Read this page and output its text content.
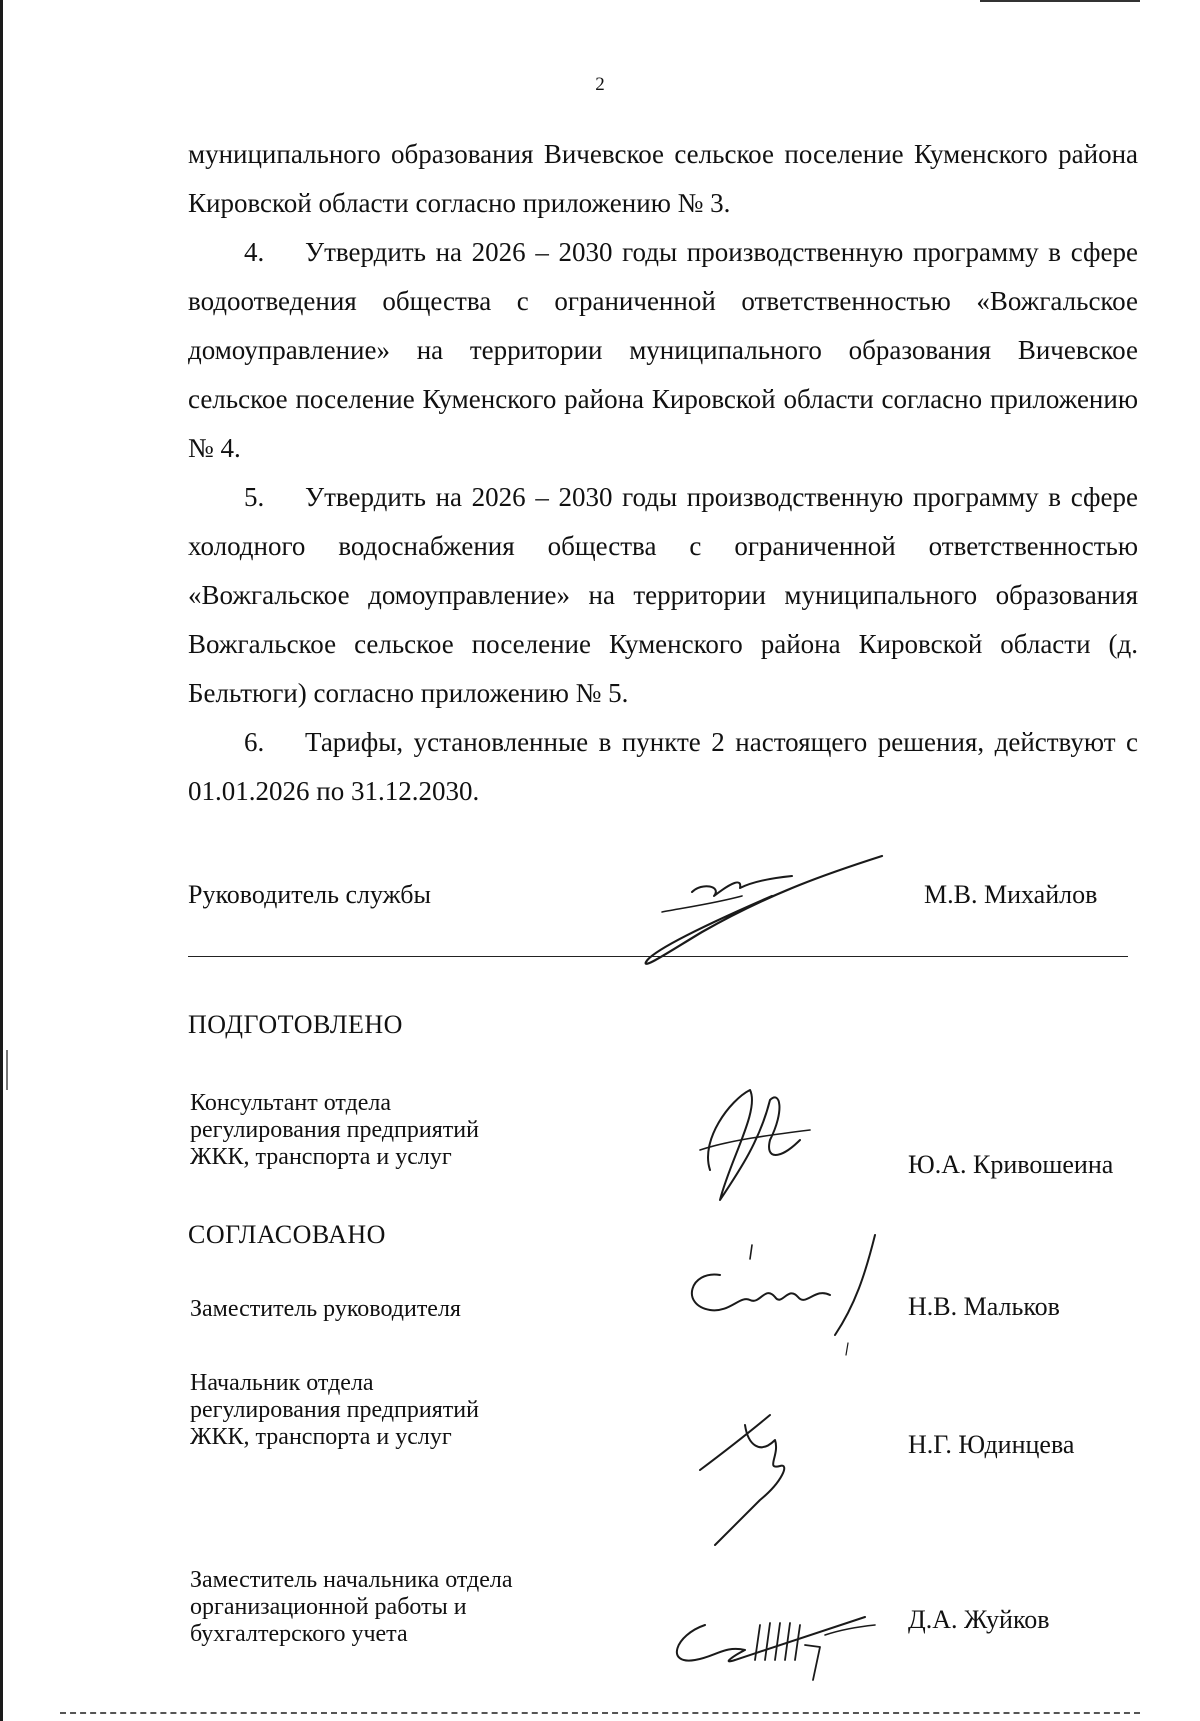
2

муниципального образования Вичевское сельское поселение Куменского района Кировской области согласно приложению № 3.

4. Утвердить на 2026 – 2030 годы производственную программу в сфере водоотведения общества с ограниченной ответственностью «Вожгальское домоуправление» на территории муниципального образования Вичевское сельское поселение Куменского района Кировской области согласно приложению № 4.

5. Утвердить на 2026 – 2030 годы производственную программу в сфере холодного водоснабжения общества с ограниченной ответственностью «Вожгальское домоуправление» на территории муниципального образования Вожгальское сельское поселение Куменского района Кировской области (д. Бельтюги) согласно приложению № 5.

6. Тарифы, установленные в пункте 2 настоящего решения, действуют с 01.01.2026 по 31.12.2030.

Руководитель службы	М.В. Михайлов
ПОДГОТОВЛЕНО
Консультант отдела
регулирования предприятий
ЖКК, транспорта и услуг	Ю.А. Кривошеина
СОГЛАСОВАНО
Заместитель руководителя	Н.В. Мальков
Начальник отдела
регулирования предприятий
ЖКК, транспорта и услуг	Н.Г. Юдинцева
Заместитель начальника отдела
организационной работы и
бухгалтерского учета	Д.А. Жуйков
